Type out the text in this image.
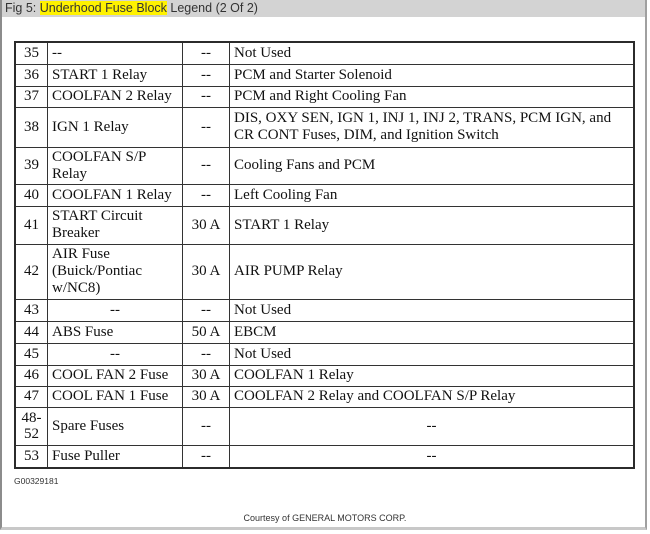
Fig 5: Underhood Fuse Block Legend (2 Of 2)
35	--	--	Not Used
36	START 1 Relay	--	PCM and Starter Solenoid
37	COOLFAN 2 Relay	--	PCM and Right Cooling Fan
38	IGN 1 Relay	--	DIS, OXY SEN, IGN 1, INJ 1, INJ 2, TRANS, PCM IGN, and CR CONT Fuses, DIM, and Ignition Switch
39	COOLFAN S/P Relay	--	Cooling Fans and PCM
40	COOLFAN 1 Relay	--	Left Cooling Fan
41	START Circuit Breaker	30 A	START 1 Relay
42	AIR Fuse (Buick/Pontiac w/NC8)	30 A	AIR PUMP Relay
43	--	--	Not Used
44	ABS Fuse	50 A	EBCM
45	--	--	Not Used
46	COOL FAN 2 Fuse	30 A	COOLFAN 1 Relay
47	COOL FAN 1 Fuse	30 A	COOLFAN 2 Relay and COOLFAN S/P Relay
48-52	Spare Fuses	--	--
53	Fuse Puller	--	--
G00329181
Courtesy of GENERAL MOTORS CORP.
